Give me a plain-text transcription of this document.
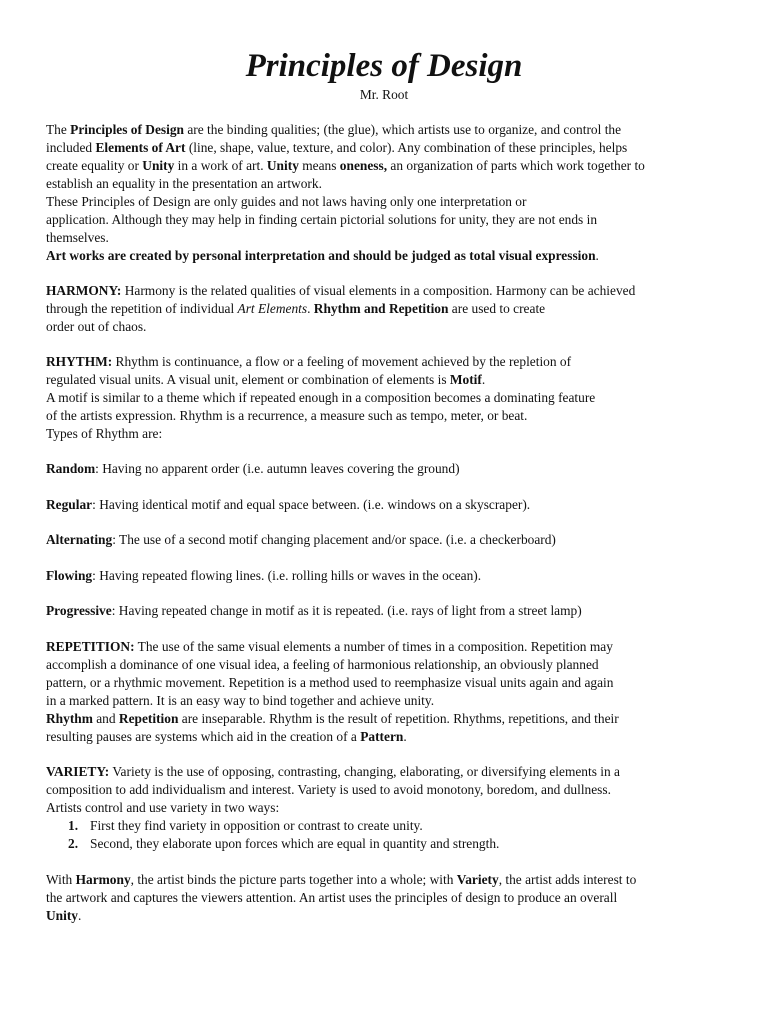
Principles of Design
Mr. Root
The Principles of Design are the binding qualities; (the glue), which artists use to organize, and control the
included Elements of Art (line, shape, value, texture, and color). Any combination of these principles, helps
create equality or Unity in a work of art. Unity means oneness, an organization of parts which work together to
establish an equality in the presentation an artwork.
These Principles of Design are only guides and not laws having only one interpretation or
application. Although they may help in finding certain pictorial solutions for unity, they are not ends in
themselves.
Art works are created by personal interpretation and should be judged as total visual expression.
HARMONY: Harmony is the related qualities of visual elements in a composition. Harmony can be achieved
through the repetition of individual Art Elements. Rhythm and Repetition are used to create
order out of chaos.
RHYTHM: Rhythm is continuance, a flow or a feeling of movement achieved by the repletion of
regulated visual units. A visual unit, element or combination of elements is Motif.
A motif is similar to a theme which if repeated enough in a composition becomes a dominating feature
of the artists expression. Rhythm is a recurrence, a measure such as tempo, meter, or beat.
Types of Rhythm are:
Random: Having no apparent order (i.e. autumn leaves covering the ground)
Regular: Having identical motif and equal space between. (i.e. windows on a skyscraper).
Alternating: The use of a second motif changing placement and/or space. (i.e. a checkerboard)
Flowing: Having repeated flowing lines. (i.e. rolling hills or waves in the ocean).
Progressive: Having repeated change in motif as it is repeated. (i.e. rays of light from a street lamp)
REPETITION: The use of the same visual elements a number of times in a composition. Repetition may
accomplish a dominance of one visual idea, a feeling of harmonious relationship, an obviously planned
pattern, or a rhythmic movement. Repetition is a method used to reemphasize visual units again and again
in a marked pattern. It is an easy way to bind together and achieve unity.
Rhythm and Repetition are inseparable. Rhythm is the result of repetition. Rhythms, repetitions, and their
resulting pauses are systems which aid in the creation of a Pattern.
VARIETY: Variety is the use of opposing, contrasting, changing, elaborating, or diversifying elements in a
composition to add individualism and interest. Variety is used to avoid monotony, boredom, and dullness.
Artists control and use variety in two ways:
1. First they find variety in opposition or contrast to create unity.
2. Second, they elaborate upon forces which are equal in quantity and strength.
With Harmony, the artist binds the picture parts together into a whole; with Variety, the artist adds interest to
the artwork and captures the viewers attention. An artist uses the principles of design to produce an overall
Unity.
